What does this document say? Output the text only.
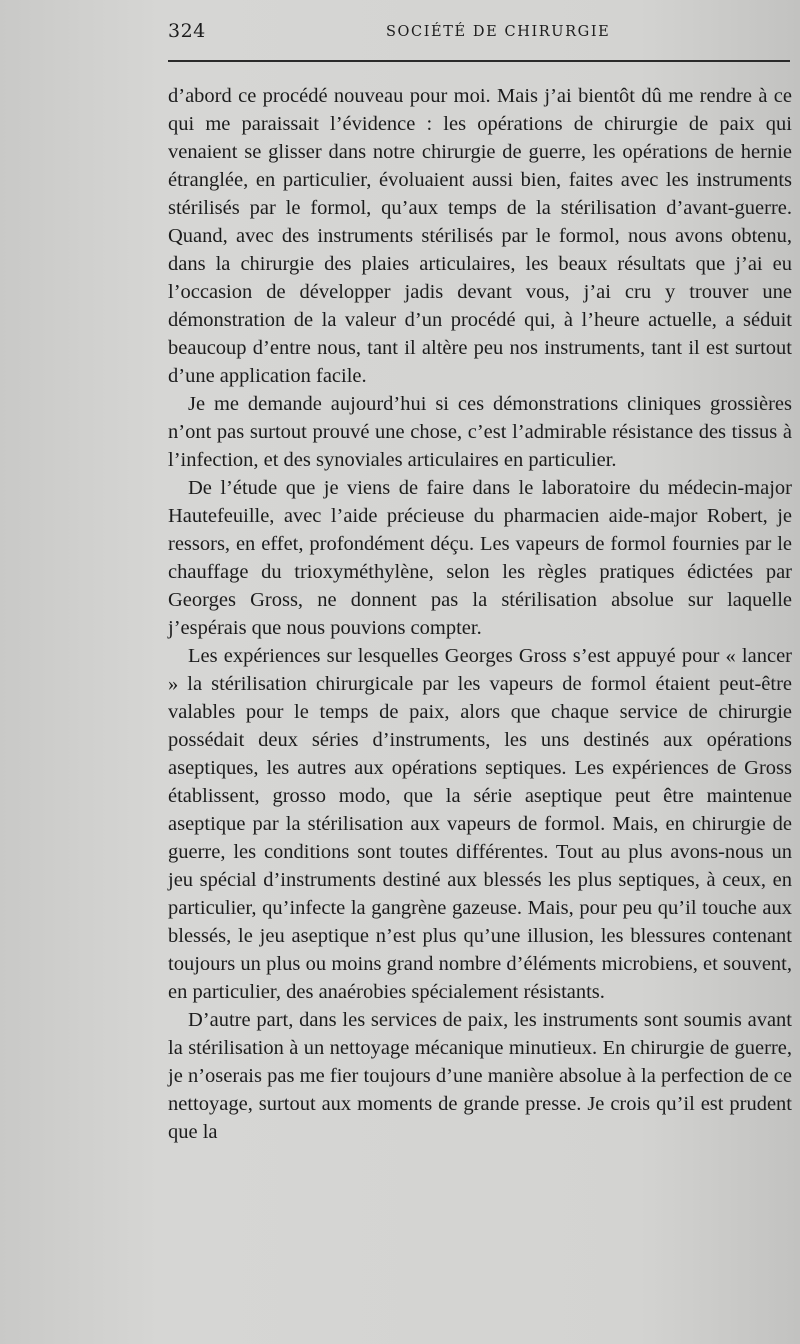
324	SOCIÉTÉ DE CHIRURGIE

d’abord ce procédé nouveau pour moi. Mais j’ai bientôt dû me rendre à ce qui me paraissait l’évidence : les opérations de chirurgie de paix qui venaient se glisser dans notre chirurgie de guerre, les opérations de hernie étranglée, en particulier, évoluaient aussi bien, faites avec les instruments stérilisés par le formol, qu’aux temps de la stérilisation d’avant-guerre. Quand, avec des instruments stérilisés par le formol, nous avons obtenu, dans la chirurgie des plaies articulaires, les beaux résultats que j’ai eu l’occasion de développer jadis devant vous, j’ai cru y trouver une démonstration de la valeur d’un procédé qui, à l’heure actuelle, a séduit beaucoup d’entre nous, tant il altère peu nos instruments, tant il est surtout d’une application facile.

Je me demande aujourd’hui si ces démonstrations cliniques grossières n’ont pas surtout prouvé une chose, c’est l’admirable résistance des tissus à l’infection, et des synoviales articulaires en particulier.

De l’étude que je viens de faire dans le laboratoire du médecin-major Hautefeuille, avec l’aide précieuse du pharmacien aide-major Robert, je ressors, en effet, profondément déçu. Les vapeurs de formol fournies par le chauffage du trioxyméthylène, selon les règles pratiques édictées par Georges Gross, ne donnent pas la stérilisation absolue sur laquelle j’espérais que nous pouvions compter.

Les expériences sur lesquelles Georges Gross s’est appuyé pour « lancer » la stérilisation chirurgicale par les vapeurs de formol étaient peut-être valables pour le temps de paix, alors que chaque service de chirurgie possédait deux séries d’instruments, les uns destinés aux opérations aseptiques, les autres aux opérations septiques. Les expériences de Gross établissent, grosso modo, que la série aseptique peut être maintenue aseptique par la stérilisation aux vapeurs de formol. Mais, en chirurgie de guerre, les conditions sont toutes différentes. Tout au plus avons-nous un jeu spécial d’instruments destiné aux blessés les plus septiques, à ceux, en particulier, qu’infecte la gangrène gazeuse. Mais, pour peu qu’il touche aux blessés, le jeu aseptique n’est plus qu’une illusion, les blessures contenant toujours un plus ou moins grand nombre d’éléments microbiens, et souvent, en particulier, des anaérobies spécialement résistants.

D’autre part, dans les services de paix, les instruments sont soumis avant la stérilisation à un nettoyage mécanique minutieux. En chirurgie de guerre, je n’oserais pas me fier toujours d’une manière absolue à la perfection de ce nettoyage, surtout aux moments de grande presse. Je crois qu’il est prudent que la
